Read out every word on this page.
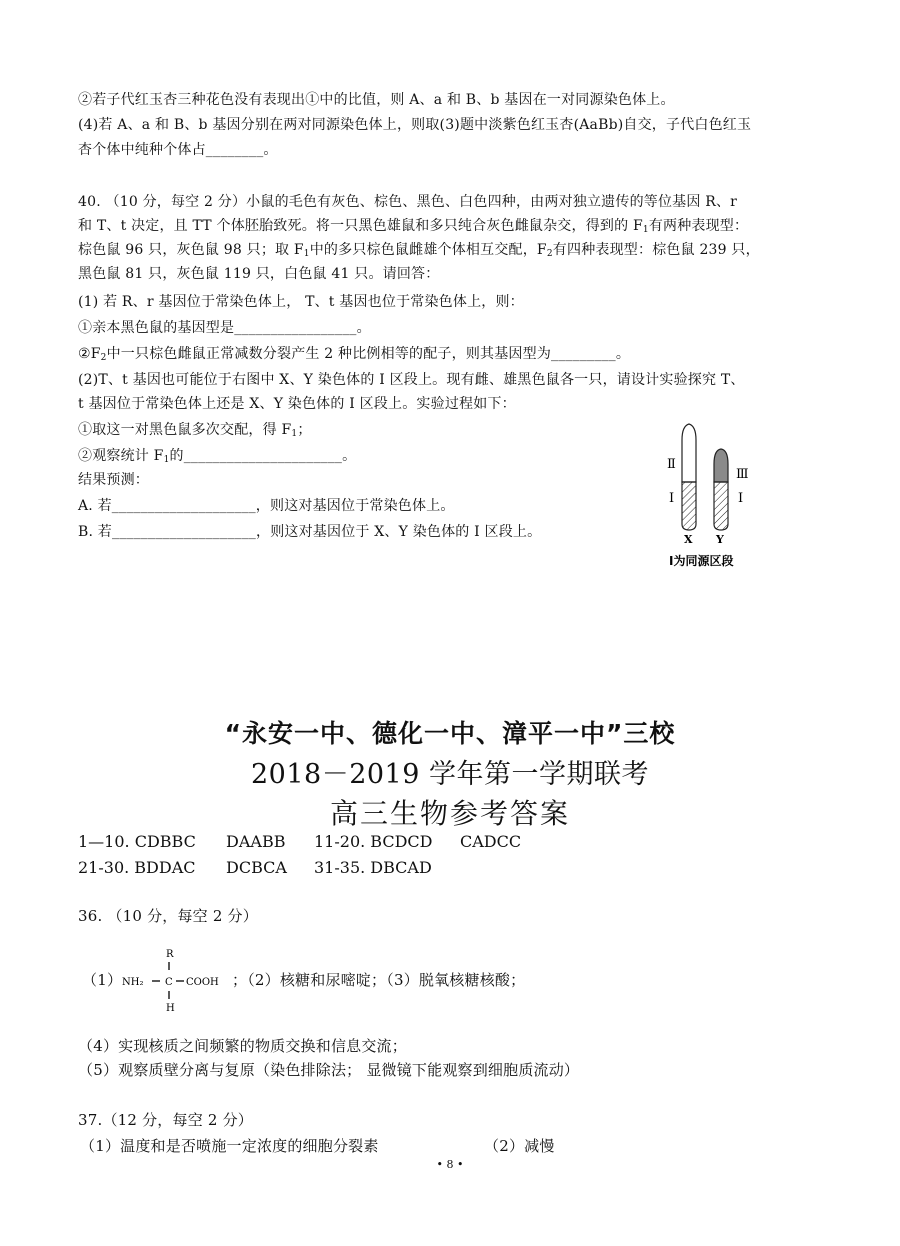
②若子代红玉杏三种花色没有表现出①中的比值，则 A、a 和 B、b 基因在一对同源染色体上。
(4)若 A、a 和 B、b 基因分别在两对同源染色体上，则取(3)题中淡紫色红玉杏(AaBb)自交，子代白色红玉
杏个体中纯种个体占________。
40. （10 分，每空 2 分）小鼠的毛色有灰色、棕色、黑色、白色四种，由两对独立遗传的等位基因 R、r
和 T、t 决定，且 TT 个体胚胎致死。将一只黑色雄鼠和多只纯合灰色雌鼠杂交，得到的 $F_1$有两种表现型：
棕色鼠 96 只，灰色鼠 98 只；取 $F_1$中的多只棕色鼠雌雄个体相互交配，$F_2$有四种表现型：棕色鼠 239 只，
黑色鼠 81 只，灰色鼠 119 只，白色鼠 41 只。请回答：
(1) 若 R、r 基因位于常染色体上， T、t 基因也位于常染色体上，则：
①亲本黑色鼠的基因型是_________________。
$②F_2$中一只棕色雌鼠正常减数分裂产生 2 种比例相等的配子，则其基因型为_________。
(2)T、t 基因也可能位于右图中 X、Y 染色体的 I 区段上。现有雌、雄黑色鼠各一只，请设计实验探究 T、
t 基因位于常染色体上还是 X、Y 染色体的 I 区段上。实验过程如下：
①取这一对黑色鼠多次交配，得 $F_1$；
②观察统计 $F_1$的______________________。
结果预测：
A. 若____________________，则这对基因位于常染色体上。
B. 若____________________，则这对基因位于 X、Y 染色体的 I 区段上。
Ⅱ
Ⅰ
Ⅲ
Ⅰ
X Y
Ⅰ为同源区段
“永安一中、德化一中、漳平一中”三校
2018－2019 学年第一学期联考
高三生物参考答案
1—10. CDBBC DAABB 11-20. BCDCD CADCC
21-30. BDDAC DCBCA 31-35. DBCAD
36. （10 分，每空 2 分）
（1）
R
NH₂ C COOH
H
；（2）核糖和尿嘧啶；（3）脱氧核糖核酸；
（4）实现核质之间频繁的物质交换和信息交流；
（5）观察质壁分离与复原（染色排除法； 显微镜下能观察到细胞质流动）
37.（12 分，每空 2 分）
（1）温度和是否喷施一定浓度的细胞分裂素	（2）减慢
• 8 •
